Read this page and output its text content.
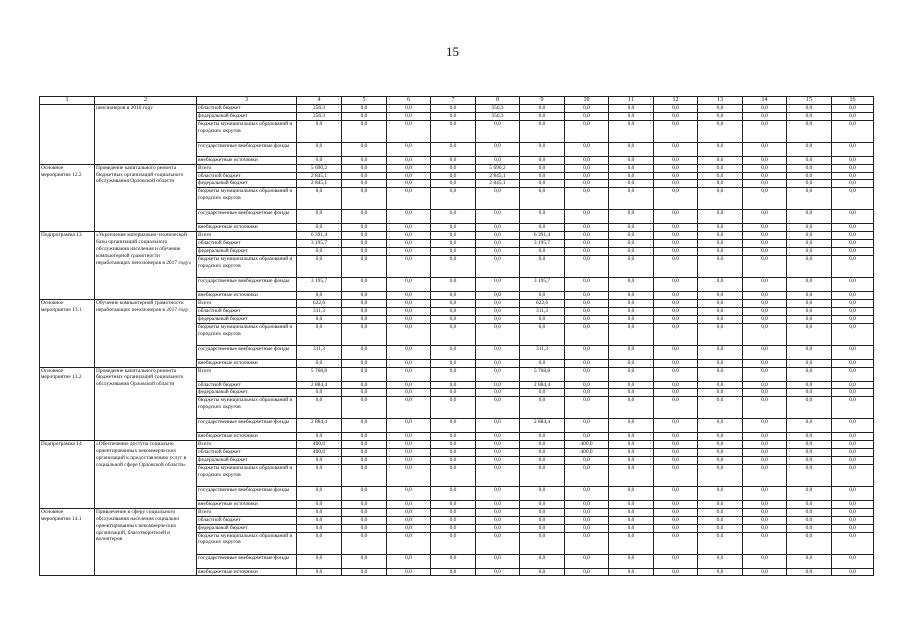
15
1	2	3	4	5	6	7	8	9	10	11	12	13	14	15	16
	пенсионеров в 2016 году	областной бюджет	356,3	0,0	0,0	0,0	356,3	0,0	0,0	0,0	0,0	0,0	0,0	0,0	0,0
		федеральный бюджет	356,3	0,0	0,0	0,0	356,3	0,0	0,0	0,0	0,0	0,0	0,0	0,0	0,0
		бюджеты муниципальных образований и городских округов	0,0	0,0	0,0	0,0	0,0	0,0	0,0	0,0	0,0	0,0	0,0	0,0	0,0
		государственные внебюджетные фонды	0,0	0,0	0,0	0,0	0,0	0,0	0,0	0,0	0,0	0,0	0,0	0,0	0,0
		внебюджетные источники	0,0	0,0	0,0	0,0	0,0	0,0	0,0	0,0	0,0	0,0	0,0	0,0	0,0
Основное мероприятие 12.2	Проведение капитального ремонта бюджетных организаций социального обслуживания Орловской области	Всего	5 690,2	0,0	0,0	0,0	5 690,2	0,0	0,0	0,0	0,0	0,0	0,0	0,0	0,0
		областной бюджет	2 845,1	0,0	0,0	0,0	2 845,1	0,0	0,0	0,0	0,0	0,0	0,0	0,0	0,0
		федеральный бюджет	2 845,1	0,0	0,0	0,0	2 845,1	0,0	0,0	0,0	0,0	0,0	0,0	0,0	0,0
		бюджеты муниципальных образований и городских округов	0,0	0,0	0,0	0,0	0,0	0,0	0,0	0,0	0,0	0,0	0,0	0,0	0,0
		государственные внебюджетные фонды	0,0	0,0	0,0	0,0	0,0	0,0	0,0	0,0	0,0	0,0	0,0	0,0	0,0
		внебюджетные источники	0,0	0,0	0,0	0,0	0,0	0,0	0,0	0,0	0,0	0,0	0,0	0,0	0,0
Подпрограмма 13	«Укрепление материально-технической базы организаций социального обслуживания населения и обучение компьютерной грамотности неработающих пенсионеров в 2017 году»	Всего	6 391,4	0,0	0,0	0,0	0,0	6 391,4	0,0	0,0	0,0	0,0	0,0	0,0	0,0
		областной бюджет	3 195,7	0,0	0,0	0,0	0,0	3 195,7	0,0	0,0	0,0	0,0	0,0	0,0	0,0
		федеральный бюджет	0,0	0,0	0,0	0,0	0,0	0,0	0,0	0,0	0,0	0,0	0,0	0,0	0,0
		бюджеты муниципальных образований и городских округов	0,0	0,0	0,0	0,0	0,0	0,0	0,0	0,0	0,0	0,0	0,0	0,0	0,0
		государственные внебюджетные фонды	3 195,7	0,0	0,0	0,0	0,0	3 195,7	0,0	0,0	0,0	0,0	0,0	0,0	0,0
		внебюджетные источники	0,0	0,0	0,0	0,0	0,0	0,0	0,0	0,0	0,0	0,0	0,0	0,0	0,0
Основное мероприятие 13.1	Обучение компьютерной грамотности неработающих пенсионеров в 2017 году	Всего	622,6	0,0	0,0	0,0	0,0	622,6	0,0	0,0	0,0	0,0	0,0	0,0	0,0
		областной бюджет	311,3	0,0	0,0	0,0	0,0	311,3	0,0	0,0	0,0	0,0	0,0	0,0	0,0
		федеральный бюджет	0,0	0,0	0,0	0,0	0,0	0,0	0,0	0,0	0,0	0,0	0,0	0,0	0,0
		бюджеты муниципальных образований и городских округов	0,0	0,0	0,0	0,0	0,0	0,0	0,0	0,0	0,0	0,0	0,0	0,0	0,0
		государственные внебюджетные фонды	311,3	0,0	0,0	0,0	0,0	311,3	0,0	0,0	0,0	0,0	0,0	0,0	0,0
		внебюджетные источники	0,0	0,0	0,0	0,0	0,0	0,0	0,0	0,0	0,0	0,0	0,0	0,0	0,0
Основное мероприятие 13.2	Проведение капитального ремонта бюджетных организаций социального обслуживания Орловской области	Всего	5 768,8	0,0	0,0	0,0	0,0	5 768,8	0,0	0,0	0,0	0,0	0,0	0,0	0,0
		областной бюджет	2 884,4	0,0	0,0	0,0	0,0	2 884,4	0,0	0,0	0,0	0,0	0,0	0,0	0,0
		федеральный бюджет	0,0	0,0	0,0	0,0	0,0	0,0	0,0	0,0	0,0	0,0	0,0	0,0	0,0
		бюджеты муниципальных образований и городских округов	0,0	0,0	0,0	0,0	0,0	0,0	0,0	0,0	0,0	0,0	0,0	0,0	0,0
		государственные внебюджетные фонды	2 884,4	0,0	0,0	0,0	0,0	2 884,4	0,0	0,0	0,0	0,0	0,0	0,0	0,0
		внебюджетные источники	0,0	0,0	0,0	0,0	0,0	0,0	0,0	0,0	0,0	0,0	0,0	0,0	0,0
Подпрограмма 14	«Обеспечение доступа социально ориентированных некоммерческих организаций к предоставлению услуг в социальной сфере Орловской области»	Всего	400,0	0,0	0,0	0,0	0,0	0,0	400,0	0,0	0,0	0,0	0,0	0,0	0,0
		областной бюджет	400,0	0,0	0,0	0,0	0,0	0,0	400,0	0,0	0,0	0,0	0,0	0,0	0,0
		федеральный бюджет	0,0	0,0	0,0	0,0	0,0	0,0	0,0	0,0	0,0	0,0	0,0	0,0	0,0
		бюджеты муниципальных образований и городских округов	0,0	0,0	0,0	0,0	0,0	0,0	0,0	0,0	0,0	0,0	0,0	0,0	0,0
		государственные внебюджетные фонды	0,0	0,0	0,0	0,0	0,0	0,0	0,0	0,0	0,0	0,0	0,0	0,0	0,0
		внебюджетные источники	0,0	0,0	0,0	0,0	0,0	0,0	0,0	0,0	0,0	0,0	0,0	0,0	0,0
Основное мероприятие 14.1	Привлечение в сферу социального обслуживания населения социально ориентированных некоммерческих организаций, благотворителей и волонтеров	Всего	0,0	0,0	0,0	0,0	0,0	0,0	0,0	0,0	0,0	0,0	0,0	0,0	0,0
		областной бюджет	0,0	0,0	0,0	0,0	0,0	0,0	0,0	0,0	0,0	0,0	0,0	0,0	0,0
		федеральный бюджет	0,0	0,0	0,0	0,0	0,0	0,0	0,0	0,0	0,0	0,0	0,0	0,0	0,0
		бюджеты муниципальных образований и городских округов	0,0	0,0	0,0	0,0	0,0	0,0	0,0	0,0	0,0	0,0	0,0	0,0	0,0
		государственные внебюджетные фонды	0,0	0,0	0,0	0,0	0,0	0,0	0,0	0,0	0,0	0,0	0,0	0,0	0,0
		внебюджетные источники	0,0	0,0	0,0	0,0	0,0	0,0	0,0	0,0	0,0	0,0	0,0	0,0	0,0
